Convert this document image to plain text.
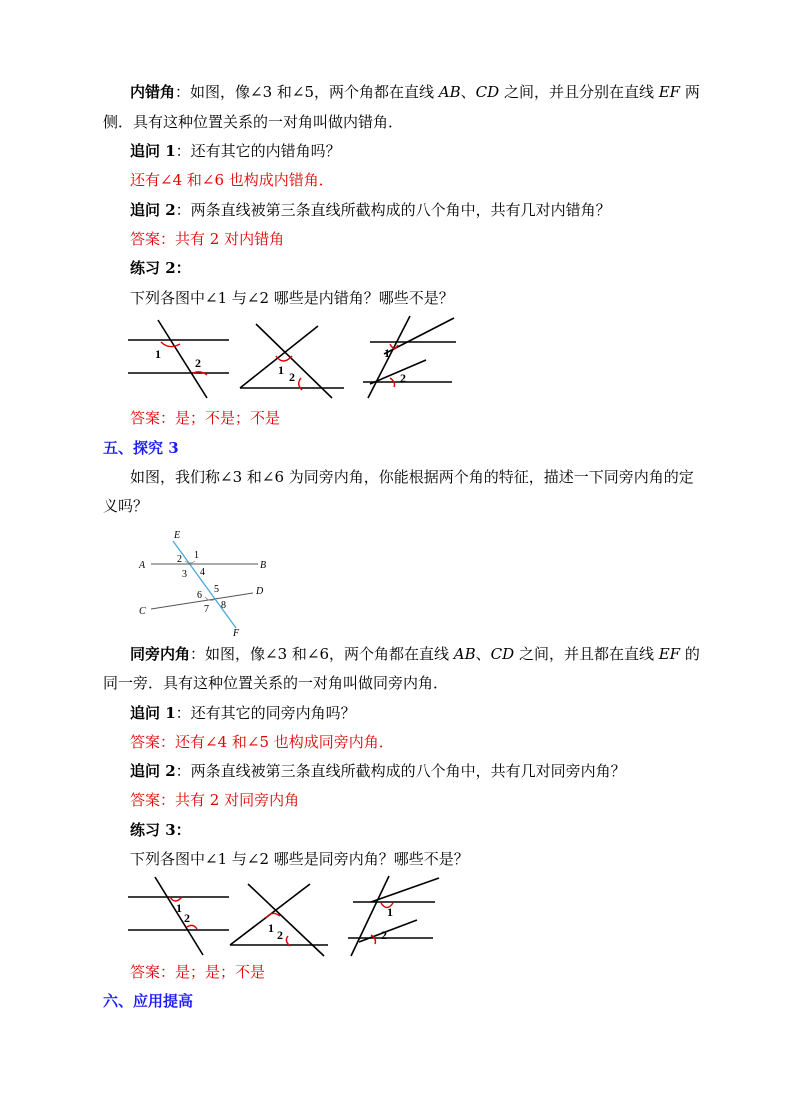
内错角：如图，像∠3 和∠5，两个角都在直线 AB、CD 之间，并且分别在直线 EF 两
侧．具有这种位置关系的一对角叫做内错角．
追问 1：还有其它的内错角吗？
还有∠4 和∠6 也构成内错角．
追问 2：两条直线被第三条直线所截构成的八个角中，共有几对内错角？
答案：共有 2 对内错角
练习 2：
下列各图中∠1 与∠2 哪些是内错角？哪些不是？
1
2	1 2
1
2
答案：是；不是；不是
五、探究 3
如图，我们称∠3 和∠6 为同旁内角，你能根据两个角的特征，描述一下同旁内角的定
义吗？
E
F
A	B
C
D
2 1
3 4
6
5
7 8
同旁内角：如图，像∠3 和∠6，两个角都在直线 AB、CD 之间，并且都在直线 EF 的
同一旁．具有这种位置关系的一对角叫做同旁内角．
追问 1：还有其它的同旁内角吗？
答案：还有∠4 和∠5 也构成同旁内角．
追问 2：两条直线被第三条直线所截构成的八个角中，共有几对同旁内角？
答案：共有 2 对同旁内角
练习 3：
下列各图中∠1 与∠2 哪些是同旁内角？哪些不是？
1
2
1 2
1
2
答案：是；是；不是
六、应用提高
